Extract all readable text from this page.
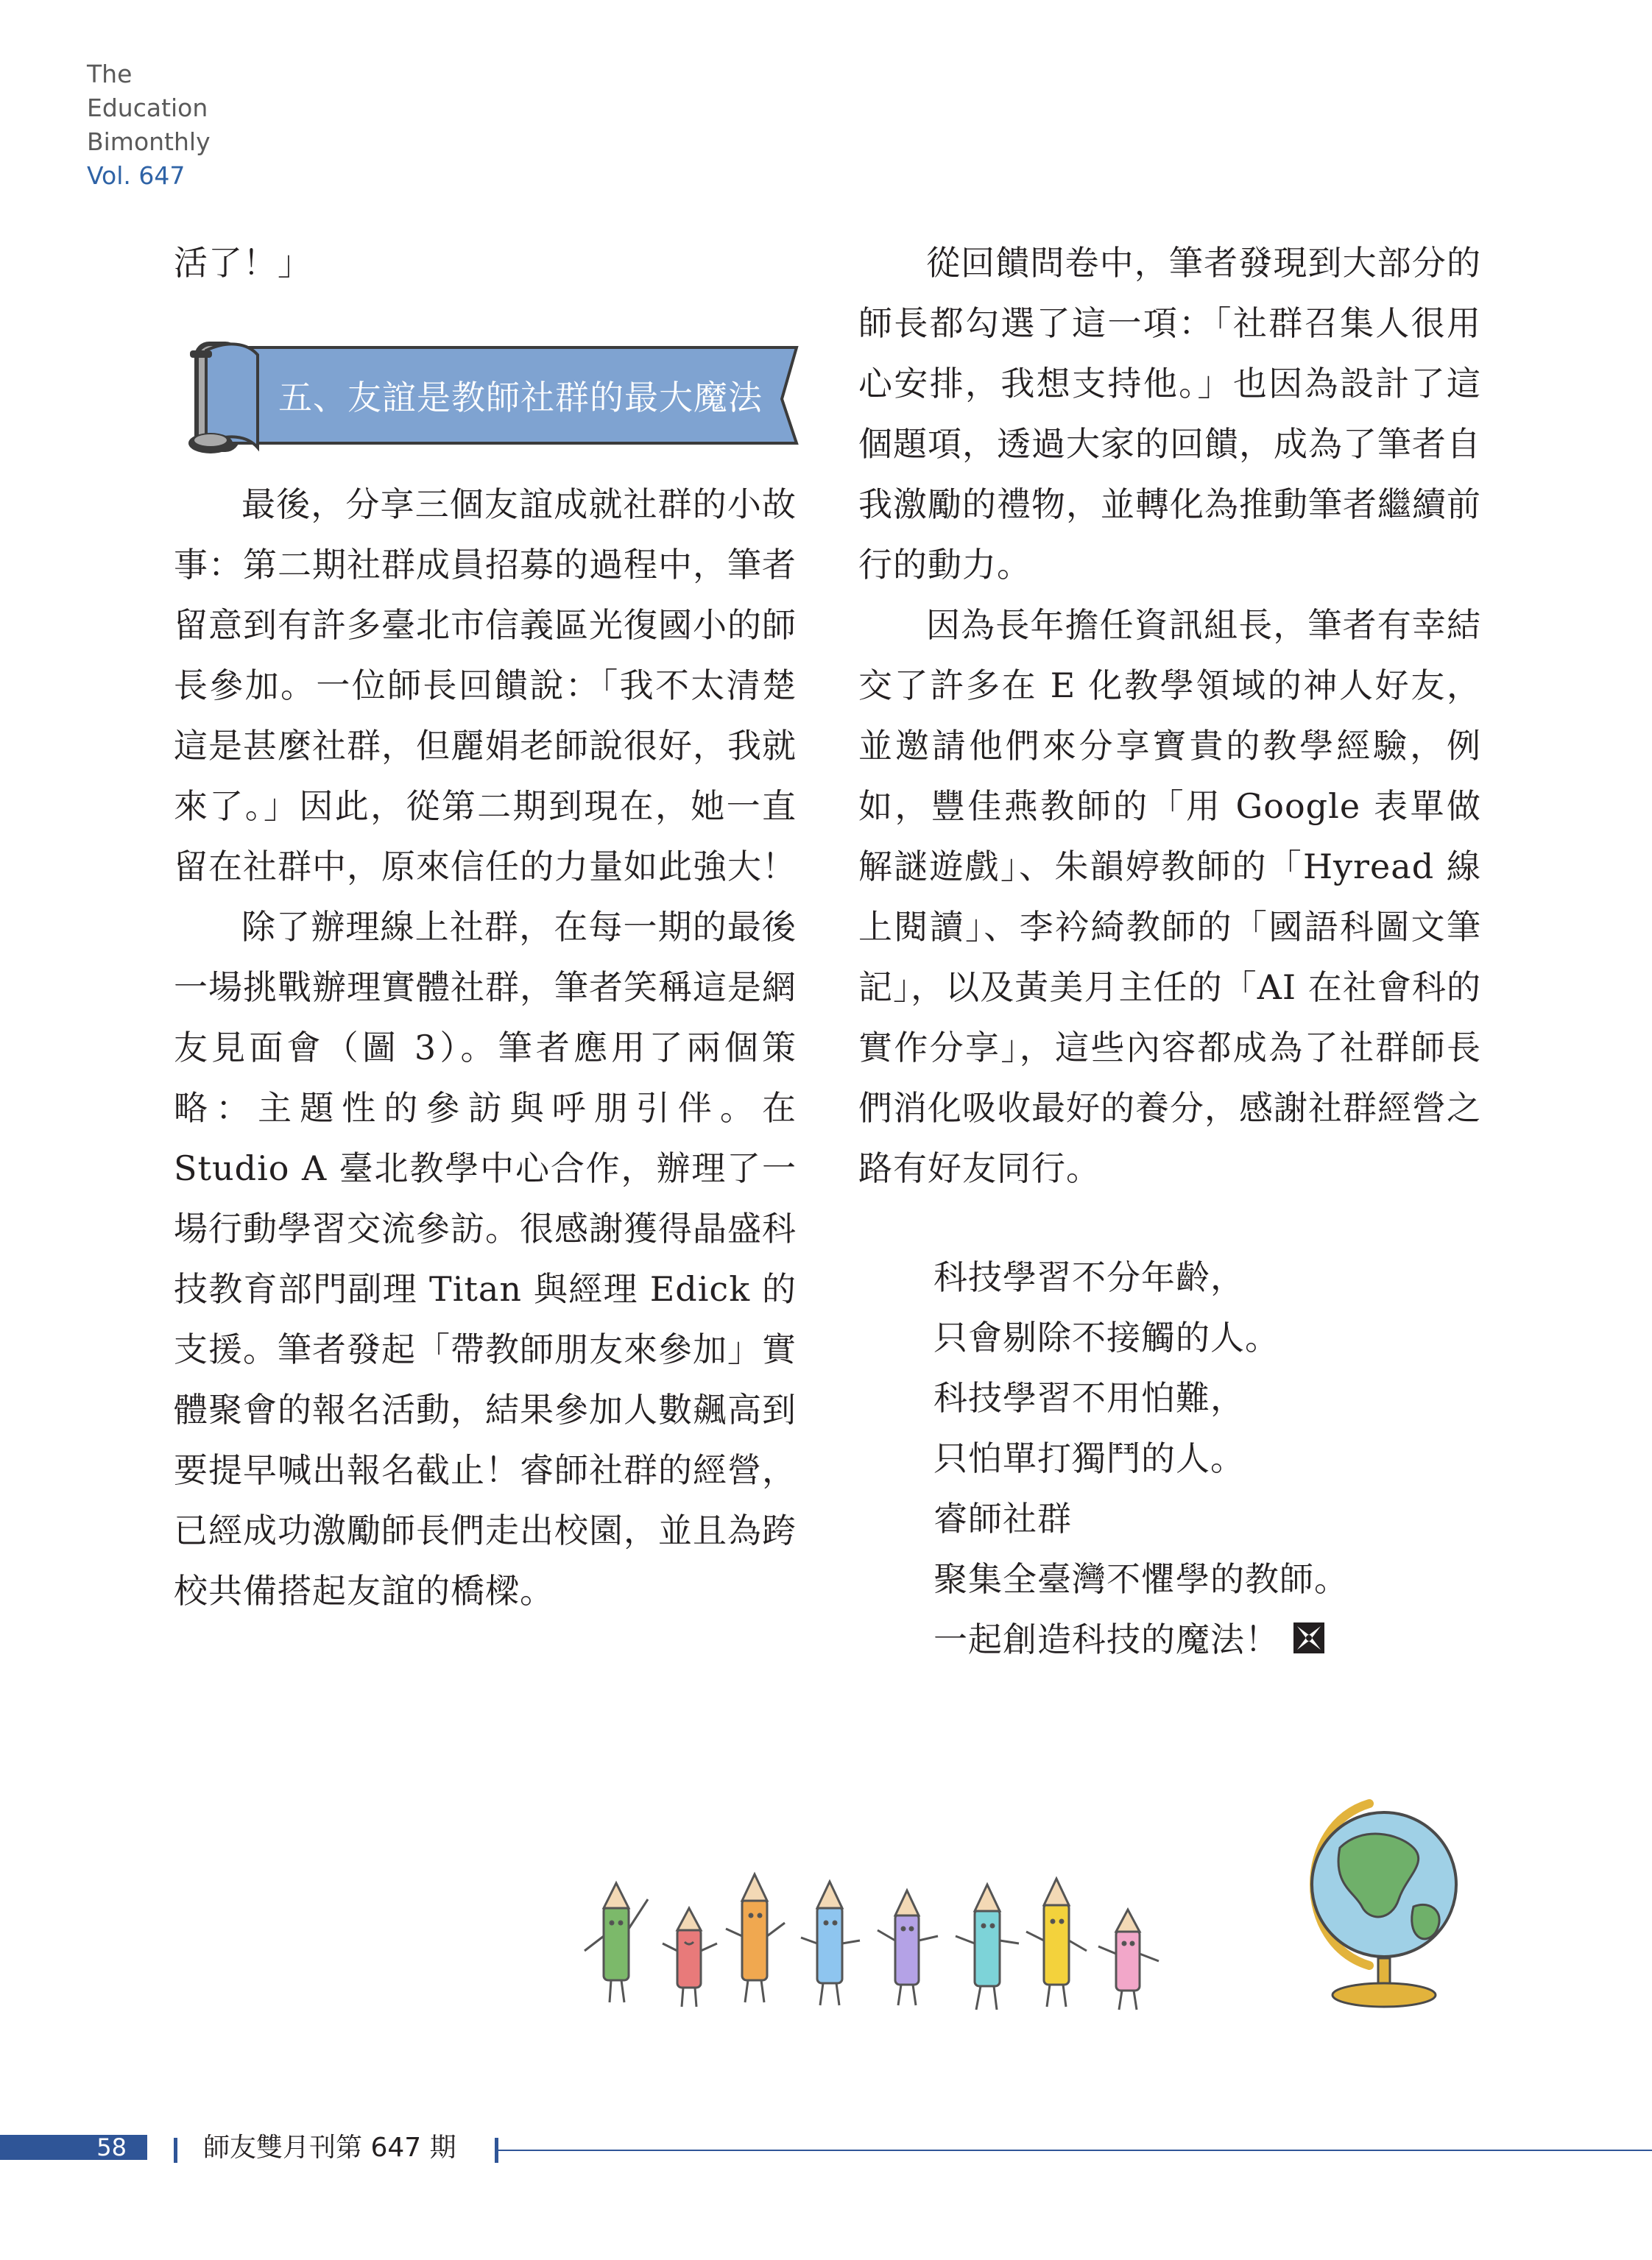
The
Education
Bimonthly
Vol. 647

活了！」

五、友誼是教師社群的最大魔法

最後，分享三個友誼成就社群的小故事：第二期社群成員招募的過程中，筆者留意到有許多臺北市信義區光復國小的師長參加。一位師長回饋說：「我不太清楚這是甚麼社群，但麗娟老師說很好，我就來了。」因此，從第二期到現在，她一直留在社群中，原來信任的力量如此強大！

除了辦理線上社群，在每一期的最後一場挑戰辦理實體社群，筆者笑稱這是網友見面會（圖 3）。筆者應用了兩個策略：主題性的參訪與呼朋引伴。在 Studio A 臺北教學中心合作，辦理了一場行動學習交流參訪。很感謝獲得晶盛科技教育部門副理 Titan 與經理 Edick 的支援。筆者發起「帶教師朋友來參加」實體聚會的報名活動，結果參加人數飆高到要提早喊出報名截止！睿師社群的經營，已經成功激勵師長們走出校園，並且為跨校共備搭起友誼的橋樑。

從回饋問卷中，筆者發現到大部分的師長都勾選了這一項：「社群召集人很用心安排，我想支持他。」也因為設計了這個題項，透過大家的回饋，成為了筆者自我激勵的禮物，並轉化為推動筆者繼續前行的動力。

因為長年擔任資訊組長，筆者有幸結交了許多在 E 化教學領域的神人好友，並邀請他們來分享寶貴的教學經驗，例如，豐佳燕教師的「用 Google 表單做解謎遊戲」、朱韻婷教師的「Hyread 線上閱讀」、李衿綺教師的「國語科圖文筆記」，以及黃美月主任的「AI 在社會科的實作分享」，這些內容都成為了社群師長們消化吸收最好的養分，感謝社群經營之路有好友同行。

科技學習不分年齡，
只會剔除不接觸的人。
科技學習不用怕難，
只怕單打獨鬥的人。
睿師社群
聚集全臺灣不懼學的教師。
一起創造科技的魔法！
58	師友雙月刊第 647 期
